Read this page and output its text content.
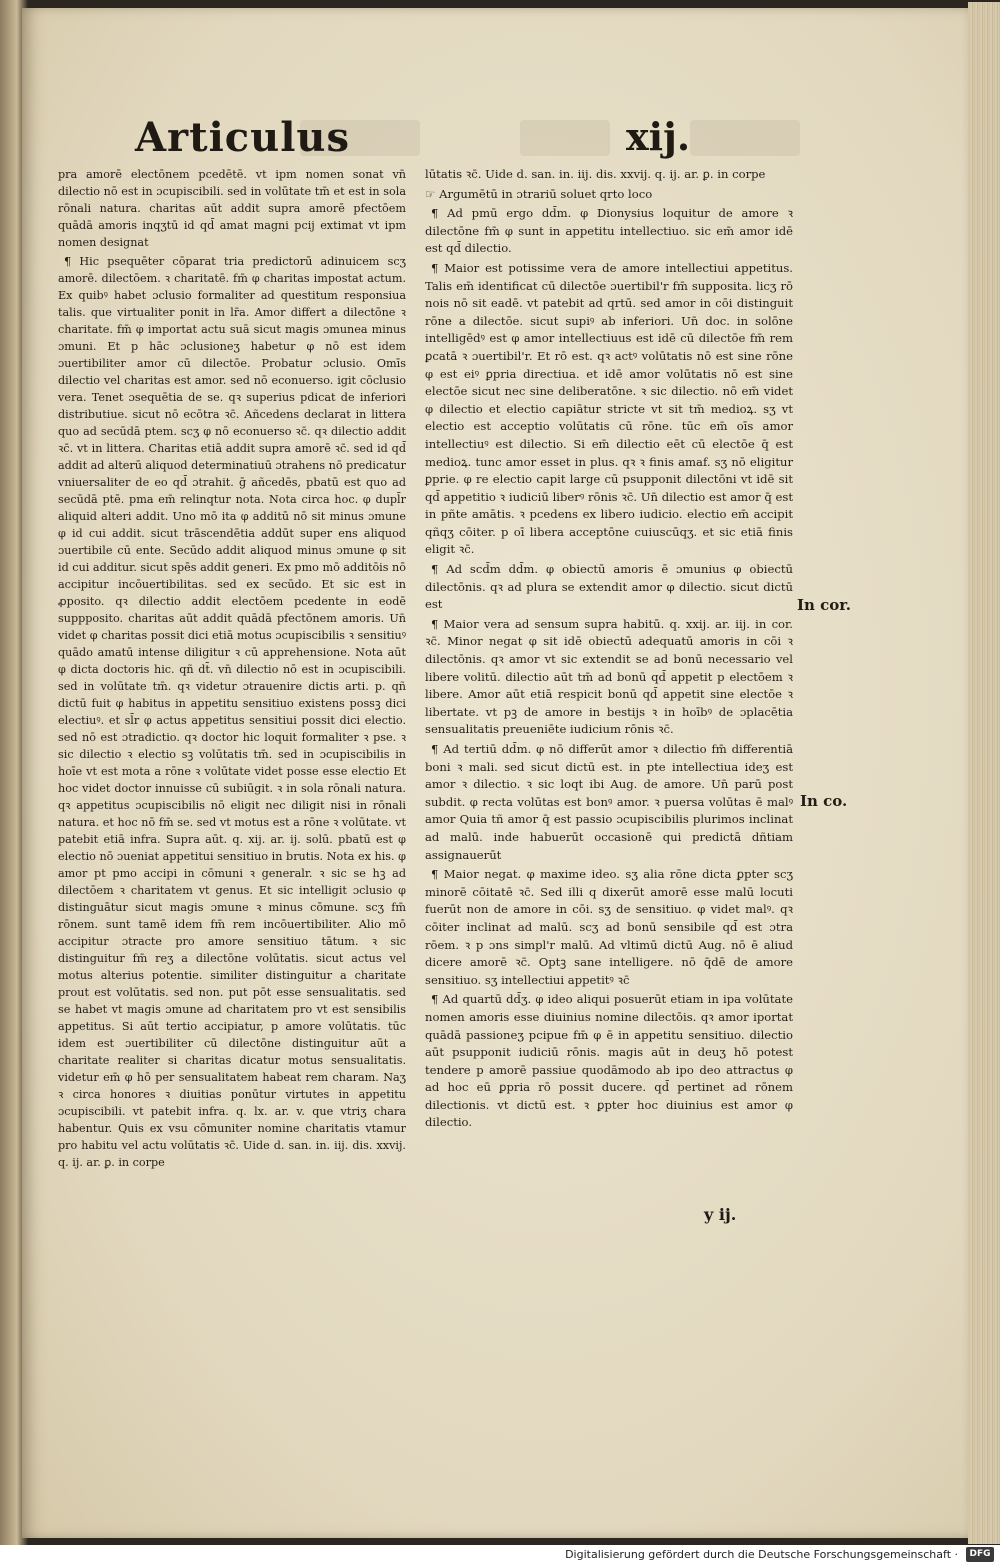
Articulus	xij.

pra amorē electōnem pcedētē. vt ipm nomen sonat vn̄ dilectio nō est in ɔcupiscibili. sed in volūtate tm̄ et est in sola rōnali natura. charitas aūt addit supra amorē pfectōem quādā amoris inqʒtū id qd̄ amat magni pcij extimat vt ipm nomen designat

¶ Hic psequēter cōparat tria predictorū adinuicem scʒ amorē. dilectōem. ꝛ charitatē. fm̄ φ charitas impostat actum. Ex quibꝰ habet ɔclusio formaliter ad questitum responsiua talis. que virtualiter ponit in lr̄a. Amor differt a dilectōne ꝛ charitate. fm̄ φ importat actu suā sicut magis ɔmunea minus ɔmuni. Et p hāc ɔclusioneʒ habetur φ nō est idem ɔuertibiliter amor cū dilectōe. Probatur ɔclusio. Omīs dilectio vel charitas est amor. sed nō econuerso. igit cōclusio vera. Tenet ɔsequētia de se. qꝛ superius pdicat de inferiori distributiue. sicut nō ecōtra ꝛc̄. Añcedens declarat in littera quo ad secūdā ptem. scʒ φ nō econuerso ꝛc̄. qꝛ dilectio addit ꝛc̄. vt in littera. Charitas etiā addit supra amorē ꝛc̄. sed id qd̄ addit ad alterū aliquod determinatiuū ɔtrahens nō predicatur vniuersaliter de eo qd̄ ɔtrahit. ḡ añcedēs, pbatū est quo ad secūdā ptē. pma em̄ relinqtur nota. Nota circa hoc. φ dupl̄r aliquid alteri addit. Uno mō ita φ additū nō sit minus ɔmune φ id cui addit. sicut trāscendētia addūt super ens aliquod ɔuertibile cū ente. Secūdo addit aliquod minus ɔmune φ sit id cui additur. sicut spēs addit generi. Ex pmo mō additōis nō accipitur incōuertibilitas. sed ex secūdo. Et sic est in ꝓposito. qꝛ dilectio addit electōem pcedente in eodē suppposito. charitas aūt addit quādā pfectōnem amoris. Un̄ videt φ charitas possit dici etiā motus ɔcupiscibilis ꝛ sensitiuꝰ quādo amatū intense diligitur ꝛ cū apprehensione. Nota aūt φ dicta doctoris hic. qñ dt̄. vn̄ dilectio nō est in ɔcupiscibili. sed in volūtate tm̄. qꝛ videtur ɔtrauenire dictis arti. p. qñ dictū fuit φ habitus in appetitu sensitiuo existens possꝫ dici electiuꝰ. et sl̄r φ actus appetitus sensitiui possit dici electio. sed nō est ɔtradictio. qꝛ doctor hic loquit formaliter ꝛ pse. ꝛ sic dilectio ꝛ electio sꝫ volūtatis tm̄. sed in ɔcupiscibilis in hoīe vt est mota a rōne ꝛ volūtate videt posse esse electio Et hoc videt doctor innuisse cū subiūgit. ꝛ in sola rōnali natura. qꝛ appetitus ɔcupiscibilis nō eligit nec diligit nisi in rōnali natura. et hoc nō fm̄ se. sed vt motus est a rōne ꝛ volūtate. vt patebit etiā infra. Supra aūt. q. xij. ar. ij. solū. pbatū est φ electio nō ɔueniat appetitui sensitiuo in brutis. Nota ex his. φ amor pt pmo accipi in cōmuni ꝛ generalr. ꝛ sic se hꝫ ad dilectōem ꝛ charitatem vt genus. Et sic intelligit ɔclusio φ distinguātur sicut magis ɔmune ꝛ minus cōmune. scʒ fm̄ rōnem. sunt tamē idem fm̄ rem incōuertibiliter. Alio mō accipitur ɔtracte pro amore sensitiuo tātum. ꝛ sic distinguitur fm̄ reʒ a dilectōne volūtatis. sicut actus vel motus alterius potentie. similiter distinguitur a charitate prout est volūtatis. sed non. put pōt esse sensualitatis. sed se habet vt magis ɔmune ad charitatem pro vt est sensibilis appetitus. Si aūt tertio accipiatur, p amore volūtatis. tūc idem est ɔuertibiliter cū dilectōne distinguitur aūt a charitate realiter si charitas dicatur motus sensualitatis. videtur em̄ φ hō per sensualitatem habeat rem charam. Naʒ ꝛ circa honores ꝛ diuitias ponūtur virtutes in appetitu ɔcupiscibili. vt patebit infra. q. lx. ar. v. que vtriʒ chara habentur. Quis ex vsu cōmuniter nomine charitatis vtamur pro habitu vel actu volūtatis ꝛc̄. Uide d. san. in. iij. dis. xxvij. q. ij. ar. ꝑ. in corpe

lūtatis ꝛc̄. Uide d. san. in. iij. dis. xxvij. q. ij. ar. ꝑ. in corpe

☞ Argumētū in ɔtrariū soluet qrto loco

¶ Ad pmū ergo dd̄m. φ Dionysius loquitur de amore ꝛ dilectōne fm̄ φ sunt in appetitu intellectiuo. sic em̄ amor idē est qd̄ dilectio.

¶ Maior est potissime vera de amore intellectiui appetitus. Talis em̄ identificat cū dilectōe ɔuertibil'r fm̄ supposita. licʒ rō nois nō sit eadē. vt patebit ad qrtū. sed amor in cōi distinguit rōne a dilectōe. sicut supiꝰ ab inferiori. Un̄ doc. in solōne intelligēdꝰ est φ amor intellectiuus est idē cū dilectōe fm̄ rem ꝑcatā ꝛ ɔuertibil'r. Et rō est. qꝛ actꝰ volūtatis nō est sine rōne φ est eiꝰ ꝑpria directiua. et idē amor volūtatis nō est sine electōe sicut nec sine deliberatōne. ꝛ sic dilectio. nō em̄ videt φ dilectio et electio capiātur stricte vt sit tm̄ medioꝝ. sʒ vt electio est acceptio volūtatis cū rōne. tūc em̄ oīs amor intellectiuꝰ est dilectio. Si em̄ dilectio eēt cū electōe q̄ est medioꝝ. tunc amor esset in plus. qꝛ ꝛ finis amaf. sʒ nō eligitur ꝑprie. φ re electio capit large cū psupponit dilectōni vt idē sit qd̄ appetitio ꝛ iudiciū liberꝰ rōnis ꝛc̄. Un̄ dilectio est amor q̄ est in pñte amātis. ꝛ pcedens ex libero iudicio. electio em̄ accipit qñqʒ cōiter. p oī libera acceptōne cuiuscūqʒ. et sic etiā finis eligit ꝛc̄.

¶ Ad scd̄m dd̄m. φ obiectū amoris ē ɔmunius φ obiectū dilectōnis. qꝛ ad plura se extendit amor φ dilectio. sicut dictū est

¶ Maior vera ad sensum supra habitū. q. xxij. ar. iij. in cor. ꝛc̄. Minor negat φ sit idē obiectū adequatū amoris in cōi ꝛ dilectōnis. qꝛ amor vt sic extendit se ad bonū necessario vel libere volitū. dilectio aūt tm̄ ad bonū qd̄ appetit p electōem ꝛ libere. Amor aūt etiā respicit bonū qd̄ appetit sine electōe ꝛ libertate. vt pꝫ de amore in bestijs ꝛ in hoībꝰ de ɔplacētia sensualitatis preueniēte iudicium rōnis ꝛc̄.

¶ Ad tertiū dd̄m. φ nō differūt amor ꝛ dilectio fm̄ differentiā boni ꝛ mali. sed sicut dictū est. in pte intellectiua ideʒ est amor ꝛ dilectio. ꝛ sic loqt ibi Aug. de amore. Un̄ parū post subdit. φ recta volūtas est bonꝰ amor. ꝛ puersa volūtas ē malꝰ amor Quia tñ amor q̄ est passio ɔcupiscibilis plurimos inclinat ad malū. inde habuerūt occasionē qui predictā dñtiam assignauerūt

¶ Maior negat. φ maxime ideo. sʒ alia rōne dicta ꝑpter scʒ minorē cōitatē ꝛc̄. Sed illi q dixerūt amorē esse malū locuti fuerūt non de amore in cōi. sʒ de sensitiuo. φ videt malꝰ. qꝛ cōiter inclinat ad malū. scʒ ad bonū sensibile qd̄ est ɔtra rōem. ꝛ p ɔns simpl'r malū. Ad vltimū dictū Aug. nō ē aliud dicere amorē ꝛc̄. Optꝫ sane intelligere. nō q̄dē de amore sensitiuo. sʒ intellectiui appetitꝰ ꝛc̄

¶ Ad quartū dd̄ʒ. φ ideo aliqui posuerūt etiam in ipa volūtate nomen amoris esse diuinius nomine dilectōis. qꝛ amor iportat quādā passioneʒ pcipue fm̄ φ ē in appetitu sensitiuo. dilectio aūt psupponit iudiciū rōnis. magis aūt in deuʒ hō potest tendere p amorē passiue quodāmodo ab ipo deo attractus φ ad hoc eū ꝑpria rō possit ducere. qd̄ pertinet ad rōnem dilectionis. vt dictū est. ꝛ ꝑpter hoc diuinius est amor φ dilectio.

In cor.
In co.
y ij.
Digitalisierung gefördert durch die Deutsche Forschungsgemeinschaft ·	DFG
